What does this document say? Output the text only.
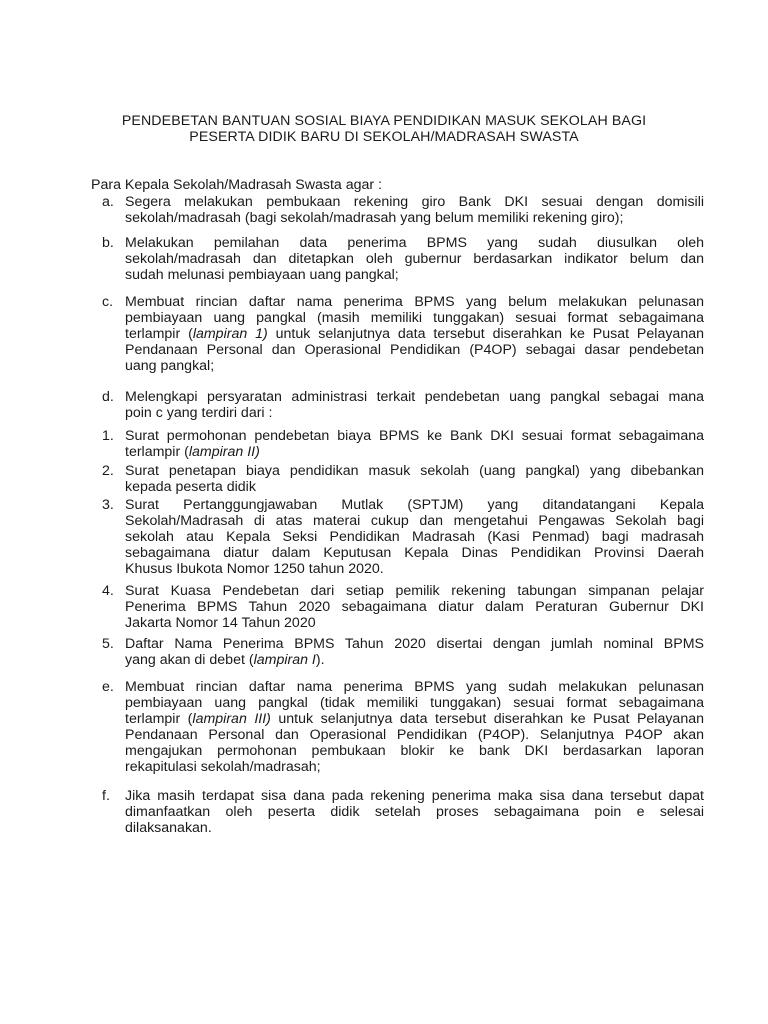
PENDEBETAN BANTUAN SOSIAL BIAYA PENDIDIKAN MASUK SEKOLAH BAGI
PESERTA DIDIK BARU DI SEKOLAH/MADRASAH SWASTA
Para Kepala Sekolah/Madrasah Swasta agar :
a. Segera melakukan pembukaan rekening giro Bank DKI sesuai dengan domisili
sekolah/madrasah (bagi sekolah/madrasah yang belum memiliki rekening giro);
b. Melakukan pemilahan data penerima BPMS yang sudah diusulkan oleh
sekolah/madrasah dan ditetapkan oleh gubernur berdasarkan indikator belum dan
sudah melunasi pembiayaan uang pangkal;
c. Membuat rincian daftar nama penerima BPMS yang belum melakukan pelunasan
pembiayaan uang pangkal (masih memiliki tunggakan) sesuai format sebagaimana
terlampir (lampiran 1) untuk selanjutnya data tersebut diserahkan ke Pusat Pelayanan
Pendanaan Personal dan Operasional Pendidikan (P4OP) sebagai dasar pendebetan
uang pangkal;
d. Melengkapi persyaratan administrasi terkait pendebetan uang pangkal sebagai mana
poin c yang terdiri dari :
1. Surat permohonan pendebetan biaya BPMS ke Bank DKI sesuai format sebagaimana
terlampir (lampiran II)
2. Surat penetapan biaya pendidikan masuk sekolah (uang pangkal) yang dibebankan
kepada peserta didik
3. Surat Pertanggungjawaban Mutlak (SPTJM) yang ditandatangani Kepala
Sekolah/Madrasah di atas materai cukup dan mengetahui Pengawas Sekolah bagi
sekolah atau Kepala Seksi Pendidikan Madrasah (Kasi Penmad) bagi madrasah
sebagaimana diatur dalam Keputusan Kepala Dinas Pendidikan Provinsi Daerah
Khusus Ibukota Nomor 1250 tahun 2020.
4. Surat Kuasa Pendebetan dari setiap pemilik rekening tabungan simpanan pelajar
Penerima BPMS Tahun 2020 sebagaimana diatur dalam Peraturan Gubernur DKI
Jakarta Nomor 14 Tahun 2020
5. Daftar Nama Penerima BPMS Tahun 2020 disertai dengan jumlah nominal BPMS
yang akan di debet (lampiran I).
e. Membuat rincian daftar nama penerima BPMS yang sudah melakukan pelunasan
pembiayaan uang pangkal (tidak memiliki tunggakan) sesuai format sebagaimana
terlampir (lampiran III) untuk selanjutnya data tersebut diserahkan ke Pusat Pelayanan
Pendanaan Personal dan Operasional Pendidikan (P4OP). Selanjutnya P4OP akan
mengajukan permohonan pembukaan blokir ke bank DKI berdasarkan laporan
rekapitulasi sekolah/madrasah;
f. Jika masih terdapat sisa dana pada rekening penerima maka sisa dana tersebut dapat
dimanfaatkan oleh peserta didik setelah proses sebagaimana poin e selesai
dilaksanakan.
